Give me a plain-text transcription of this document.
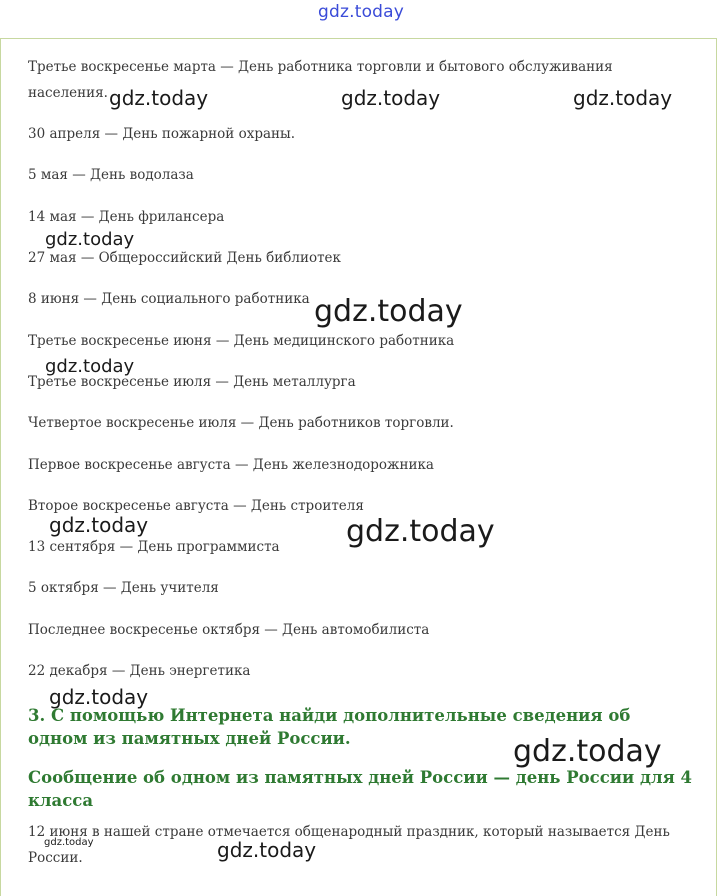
gdz.today
Третье воскресенье марта — День работника торговли и бытового обслуживания
населения.
30 апреля — День пожарной охраны.
5 мая — День водолаза
14 мая — День фрилансера
27 мая — Общероссийский День библиотек
8 июня — День социального работника
Третье воскресенье июня — День медицинского работника
Третье воскресенье июля — День металлурга
Четвертое воскресенье июля — День работников торговли.
Первое воскресенье августа — День железнодорожника
Второе воскресенье августа — День строителя
13 сентября — День программиста
5 октября — День учителя
Последнее воскресенье октября — День автомобилиста
22 декабря — День энергетика
3. С помощью Интернета найди дополнительные сведения об
одном из памятных дней России.
Сообщение об одном из памятных дней России — день России для 4
класса
12 июня в нашей стране отмечается общенародный праздник, который называется День
России.
gdz.today	gdz.today	gdz.today
gdz.today
gdz.today
gdz.today
gdz.today	gdz.today
gdz.today
gdz.today
gdz.today	gdz.today
